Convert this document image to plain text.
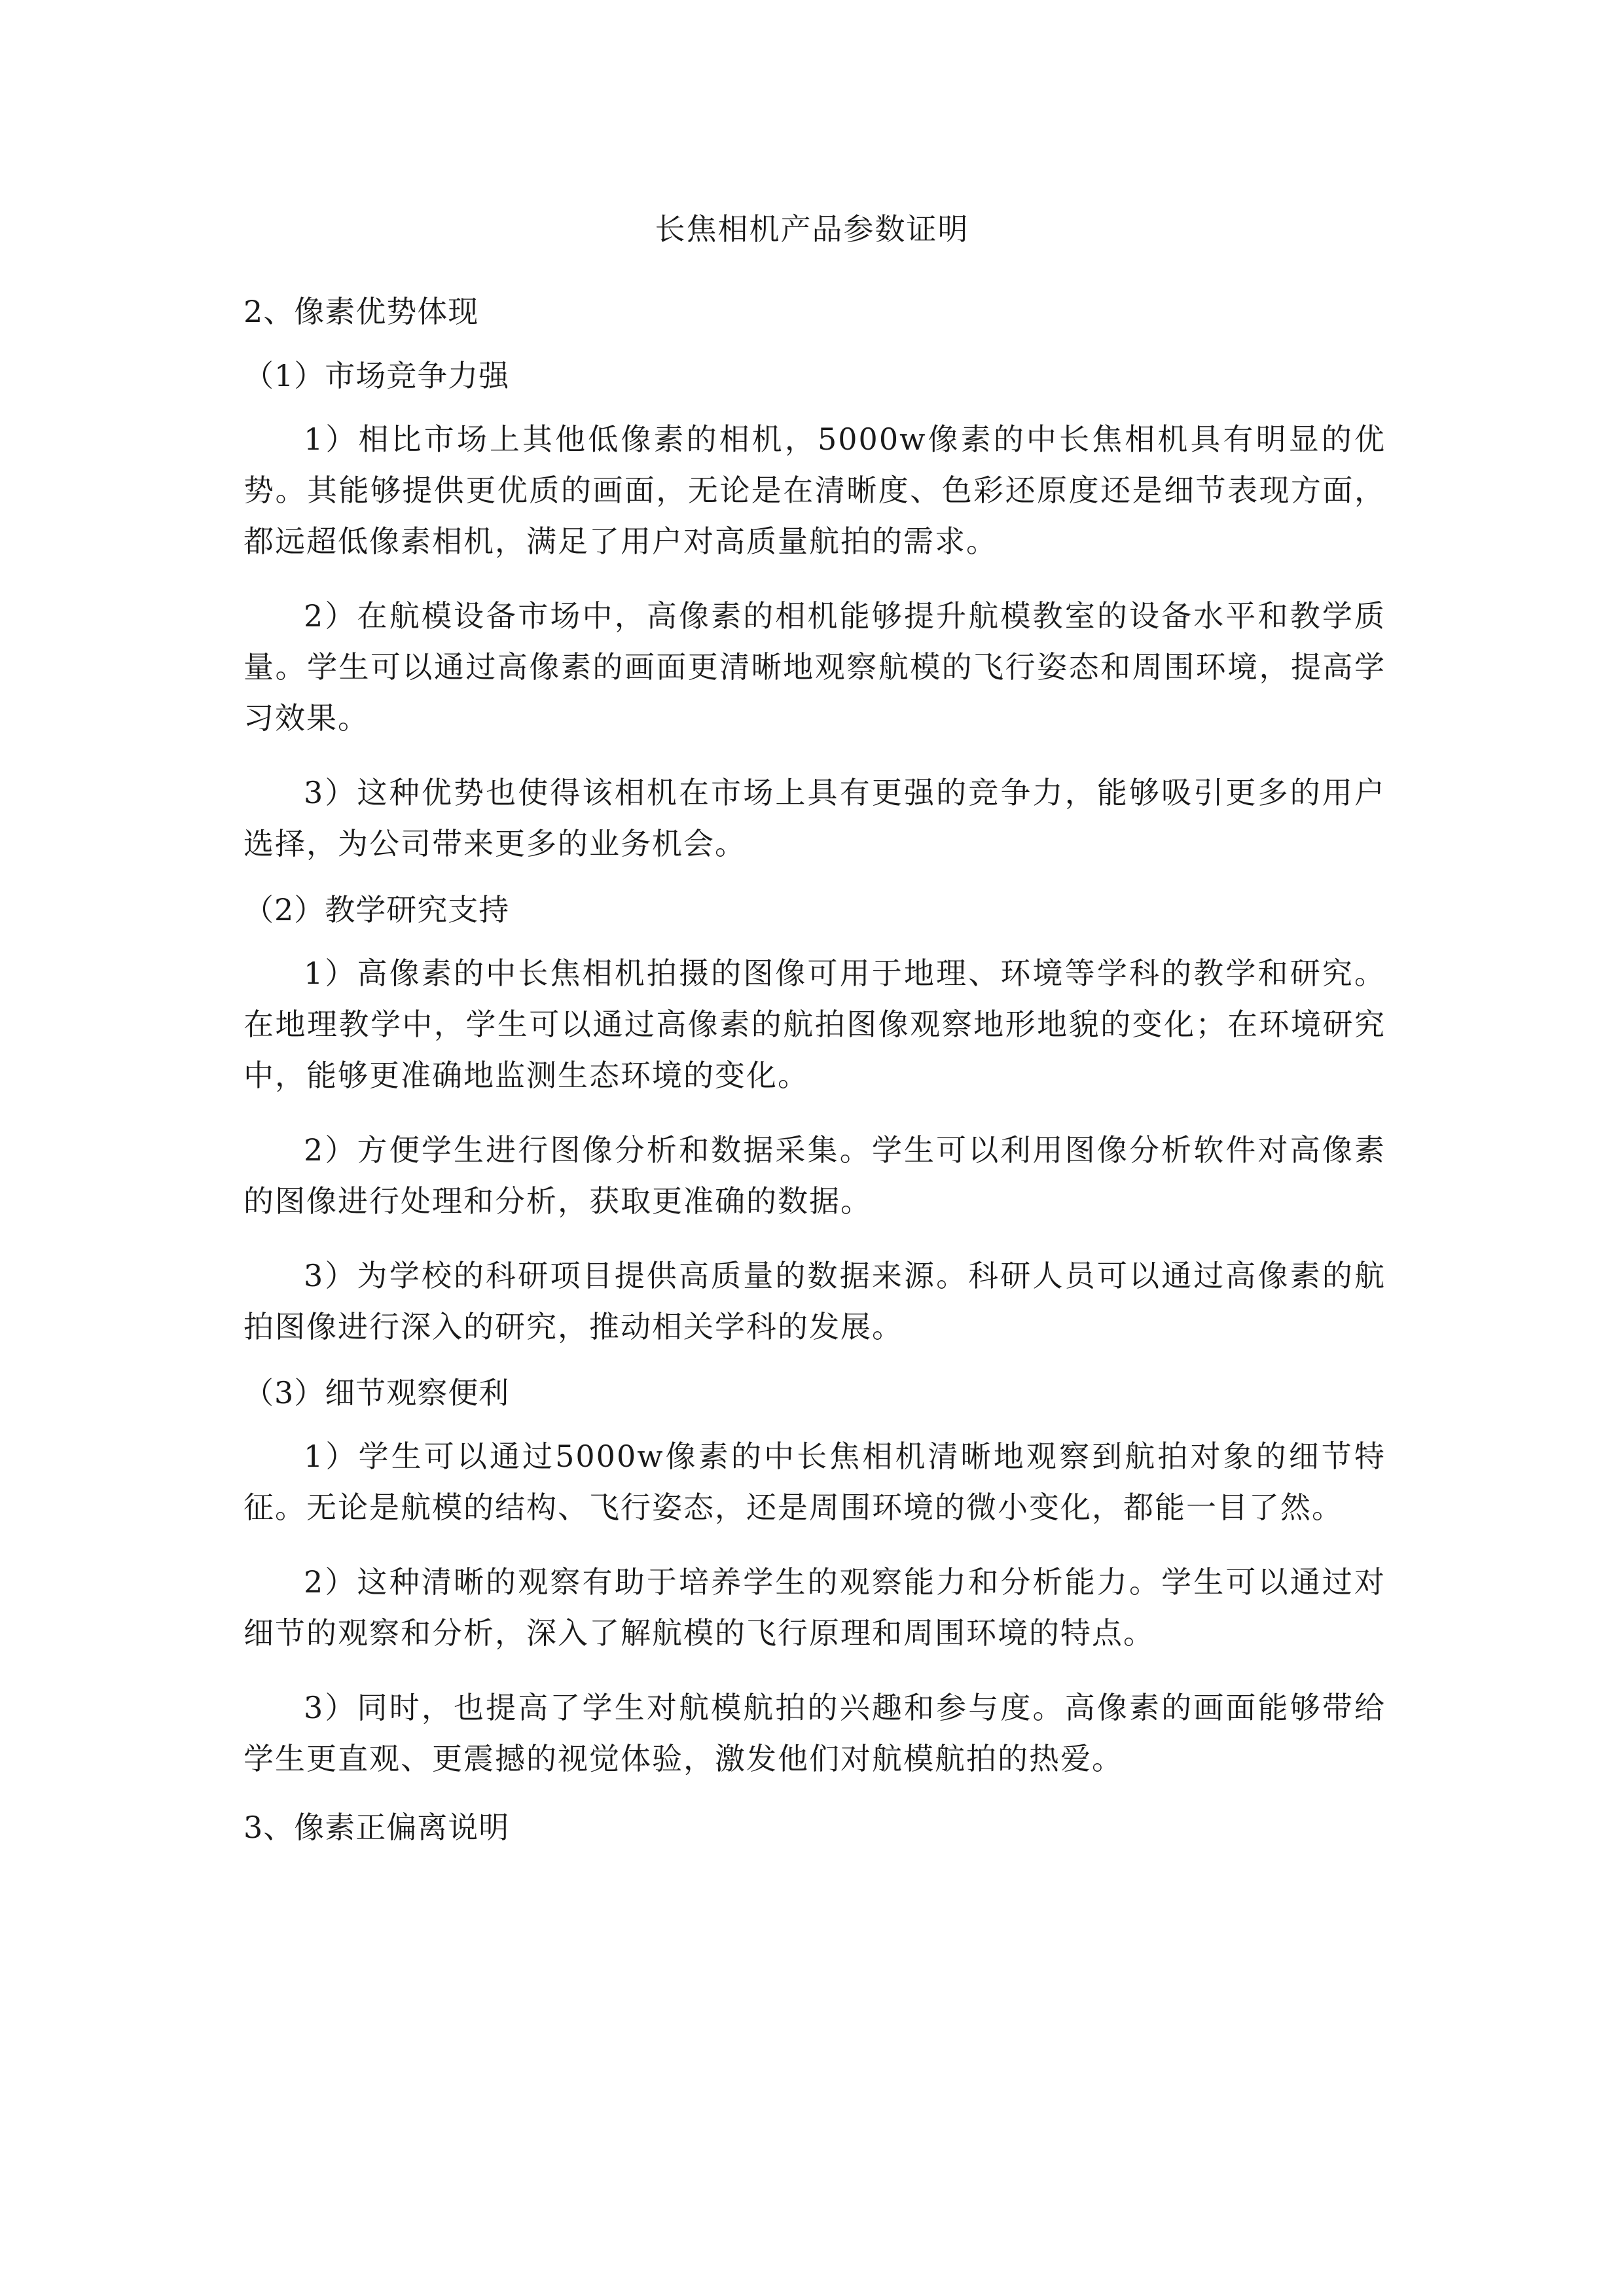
长焦相机产品参数证明

2、像素优势体现

（1）市场竞争力强

1）相比市场上其他低像素的相机，5000w像素的中长焦相机具有明显的优势。其能够提供更优质的画面，无论是在清晰度、色彩还原度还是细节表现方面，都远超低像素相机，满足了用户对高质量航拍的需求。

2）在航模设备市场中，高像素的相机能够提升航模教室的设备水平和教学质量。学生可以通过高像素的画面更清晰地观察航模的飞行姿态和周围环境，提高学习效果。

3）这种优势也使得该相机在市场上具有更强的竞争力，能够吸引更多的用户选择，为公司带来更多的业务机会。

（2）教学研究支持

1）高像素的中长焦相机拍摄的图像可用于地理、环境等学科的教学和研究。在地理教学中，学生可以通过高像素的航拍图像观察地形地貌的变化；在环境研究中，能够更准确地监测生态环境的变化。

2）方便学生进行图像分析和数据采集。学生可以利用图像分析软件对高像素的图像进行处理和分析，获取更准确的数据。

3）为学校的科研项目提供高质量的数据来源。科研人员可以通过高像素的航拍图像进行深入的研究，推动相关学科的发展。

（3）细节观察便利

1）学生可以通过5000w像素的中长焦相机清晰地观察到航拍对象的细节特征。无论是航模的结构、飞行姿态，还是周围环境的微小变化，都能一目了然。

2）这种清晰的观察有助于培养学生的观察能力和分析能力。学生可以通过对细节的观察和分析，深入了解航模的飞行原理和周围环境的特点。

3）同时，也提高了学生对航模航拍的兴趣和参与度。高像素的画面能够带给学生更直观、更震撼的视觉体验，激发他们对航模航拍的热爱。

3、像素正偏离说明
